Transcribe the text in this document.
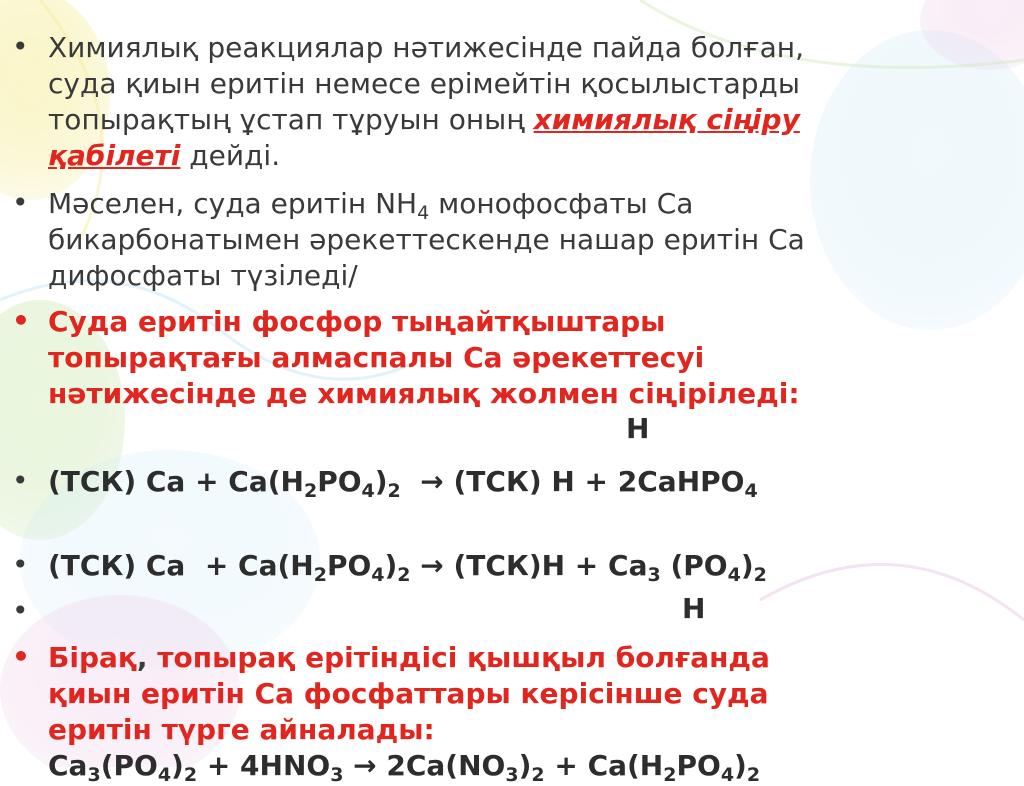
• Химиялық реакциялар нәтижесінде пайда болған,
суда қиын еритін немесе ерімейтін қосылыстарды
топырақтың ұстап тұруын оның химиялық сіңіру
қабілеті дейді.
• Мәселен, суда еритін $NH_4$ монофосфаты Са
бикарбонатымен әрекеттескенде нашар еритін Са
дифосфаты түзіледі/
• Суда еритін фосфор тыңайтқыштары
топырақтағы алмаспалы Са әрекеттесуі
нәтижесінде де химиялық жолмен сіңіріледі:
Н
• (ТСК) Са + $Са(Н_2РО_4)_2 \to (ТСК) Н$ + 2СаНРО$_4$
• (ТСК) Са  + $Са(Н_2РО_4)_2 \to (ТСК)Н + Са_3$ $(РО_4)_2$
•	Н
• Бірақ, топырақ ерітіндісі қышқыл болғанда
қиын еритін Са фосфаттары керісінше суда
еритін түрге айналады:
$Са_3(РО_4)_2 + 4НNO_3 \to 2Са(NO_3)_2 + Са(Н_2РО_4)_2$
